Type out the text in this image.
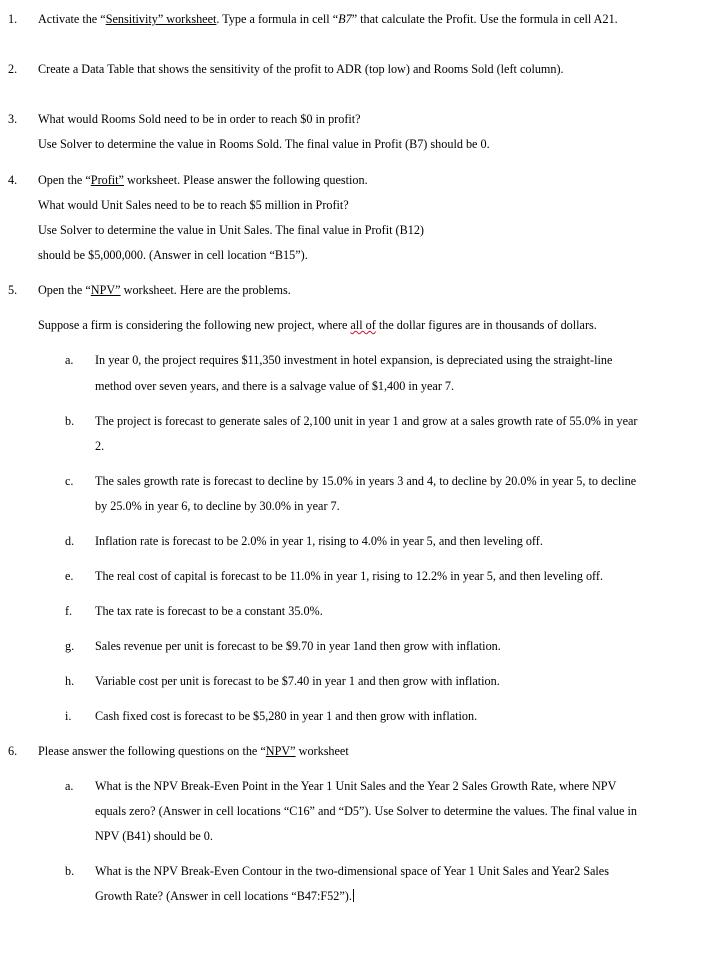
1. Activate the “Sensitivity” worksheet. Type a formula in cell “B7” that calculate the Profit. Use the formula in cell A21.
2. Create a Data Table that shows the sensitivity of the profit to ADR (top low) and Rooms Sold (left column).
3. What would Rooms Sold need to be in order to reach $0 in profit?
Use Solver to determine the value in Rooms Sold. The final value in Profit (B7) should be 0.
4. Open the “Profit” worksheet. Please answer the following question.
What would Unit Sales need to be to reach $5 million in Profit?
Use Solver to determine the value in Unit Sales. The final value in Profit (B12)
should be $5,000,000. (Answer in cell location “B15”).
5. Open the “NPV” worksheet. Here are the problems.
Suppose a firm is considering the following new project, where all of the dollar figures are in thousands of dollars.
a. In year 0, the project requires $11,350 investment in hotel expansion, is depreciated using the straight-line
method over seven years, and there is a salvage value of $1,400 in year 7.
b. The project is forecast to generate sales of 2,100 unit in year 1 and grow at a sales growth rate of 55.0% in year
2.
c. The sales growth rate is forecast to decline by 15.0% in years 3 and 4, to decline by 20.0% in year 5, to decline
by 25.0% in year 6, to decline by 30.0% in year 7.
d. Inflation rate is forecast to be 2.0% in year 1, rising to 4.0% in year 5, and then leveling off.
e. The real cost of capital is forecast to be 11.0% in year 1, rising to 12.2% in year 5, and then leveling off.
f. The tax rate is forecast to be a constant 35.0%.
g. Sales revenue per unit is forecast to be $9.70 in year 1and then grow with inflation.
h. Variable cost per unit is forecast to be $7.40 in year 1 and then grow with inflation.
i. Cash fixed cost is forecast to be $5,280 in year 1 and then grow with inflation.
6. Please answer the following questions on the “NPV” worksheet
a. What is the NPV Break-Even Point in the Year 1 Unit Sales and the Year 2 Sales Growth Rate, where NPV
equals zero? (Answer in cell locations “C16” and “D5”). Use Solver to determine the values. The final value in
NPV (B41) should be 0.
b. What is the NPV Break-Even Contour in the two-dimensional space of Year 1 Unit Sales and Year2 Sales
Growth Rate? (Answer in cell locations “B47:F52”).
